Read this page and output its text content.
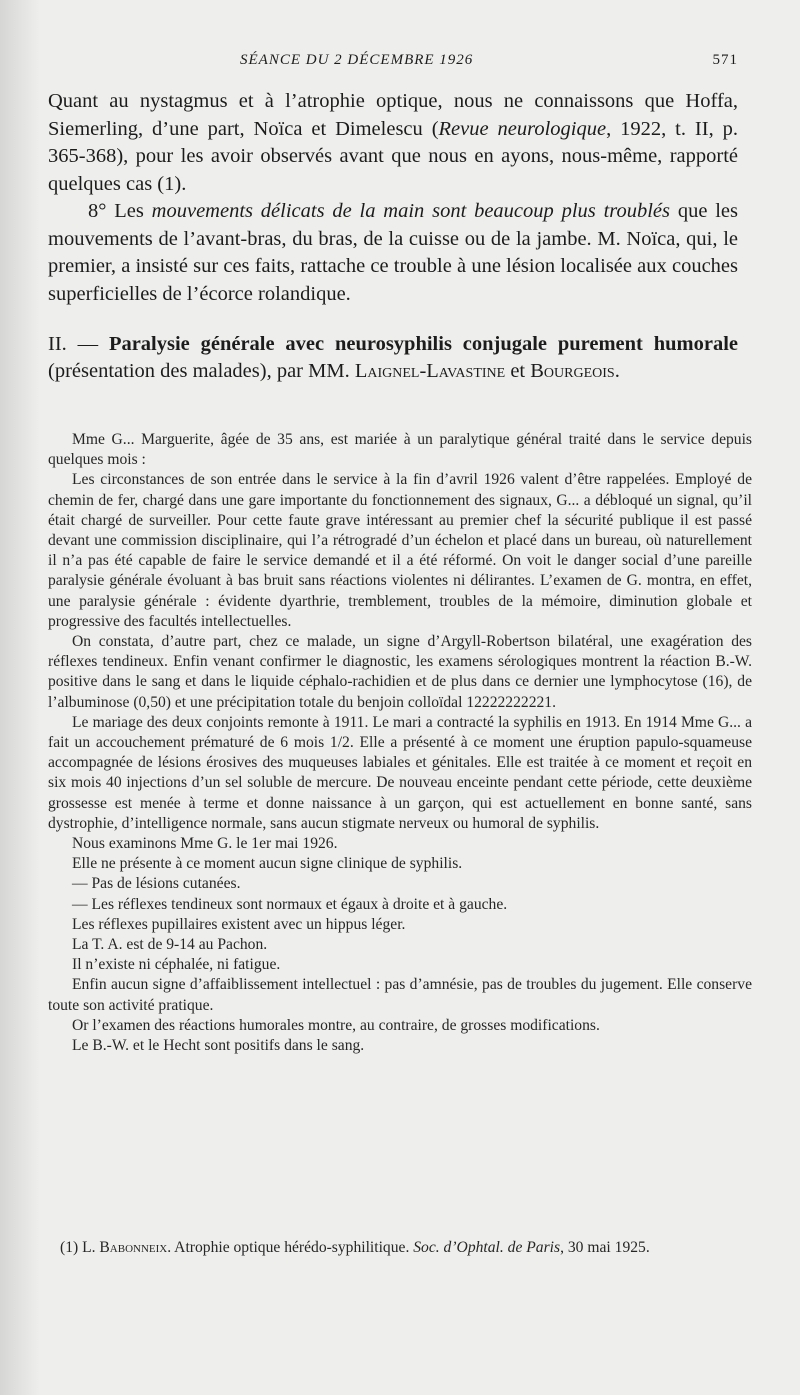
SÉANCE DU 2 DÉCEMBRE 1926	571

Quant au nystagmus et à l’atrophie optique, nous ne connaissons que Hoffa, Siemerling, d’une part, Noïca et Dimelescu (Revue neurologique, 1922, t. II, p. 365-368), pour les avoir observés avant que nous en ayons, nous-même, rapporté quelques cas (1).

8° Les mouvements délicats de la main sont beaucoup plus troublés que les mouvements de l’avant-bras, du bras, de la cuisse ou de la jambe. M. Noïca, qui, le premier, a insisté sur ces faits, rattache ce trouble à une lésion localisée aux couches superficielles de l’écorce rolandique.

II. — Paralysie générale avec neurosyphilis conjugale purement humorale (présentation des malades), par MM. Laignel-Lavastine et Bourgeois.

Mme G... Marguerite, âgée de 35 ans, est mariée à un paralytique général traité dans le service depuis quelques mois :

Les circonstances de son entrée dans le service à la fin d’avril 1926 valent d’être rappelées. Employé de chemin de fer, chargé dans une gare importante du fonctionnement des signaux, G... a débloqué un signal, qu’il était chargé de surveiller. Pour cette faute grave intéressant au premier chef la sécurité publique il est passé devant une commission disciplinaire, qui l’a rétrogradé d’un échelon et placé dans un bureau, où naturellement il n’a pas été capable de faire le service demandé et il a été réformé. On voit le danger social d’une pareille paralysie générale évoluant à bas bruit sans réactions violentes ni délirantes. L’examen de G. montra, en effet, une paralysie générale : évidente dyarthrie, tremblement, troubles de la mémoire, diminution globale et progressive des facultés intellectuelles.

On constata, d’autre part, chez ce malade, un signe d’Argyll-Robertson bilatéral, une exagération des réflexes tendineux. Enfin venant confirmer le diagnostic, les examens sérologiques montrent la réaction B.-W. positive dans le sang et dans le liquide céphalo-rachidien et de plus dans ce dernier une lymphocytose (16), de l’albuminose (0,50) et une précipitation totale du benjoin colloïdal 12222222221.

Le mariage des deux conjoints remonte à 1911. Le mari a contracté la syphilis en 1913. En 1914 Mme G... a fait un accouchement prématuré de 6 mois 1/2. Elle a présenté à ce moment une éruption papulo-squameuse accompagnée de lésions érosives des muqueuses labiales et génitales. Elle est traitée à ce moment et reçoit en six mois 40 injections d’un sel soluble de mercure. De nouveau enceinte pendant cette période, cette deuxième grossesse est menée à terme et donne naissance à un garçon, qui est actuellement en bonne santé, sans dystrophie, d’intelligence normale, sans aucun stigmate nerveux ou humoral de syphilis.

Nous examinons Mme G. le 1er mai 1926.

Elle ne présente à ce moment aucun signe clinique de syphilis.

— Pas de lésions cutanées.

— Les réflexes tendineux sont normaux et égaux à droite et à gauche.

Les réflexes pupillaires existent avec un hippus léger.

La T. A. est de 9-14 au Pachon.

Il n’existe ni céphalée, ni fatigue.

Enfin aucun signe d’affaiblissement intellectuel : pas d’amnésie, pas de troubles du jugement. Elle conserve toute son activité pratique.

Or l’examen des réactions humorales montre, au contraire, de grosses modifications.

Le B.-W. et le Hecht sont positifs dans le sang.

(1) L. Babonneix. Atrophie optique hérédo-syphilitique. Soc. d’Ophtal. de Paris, 30 mai 1925.
